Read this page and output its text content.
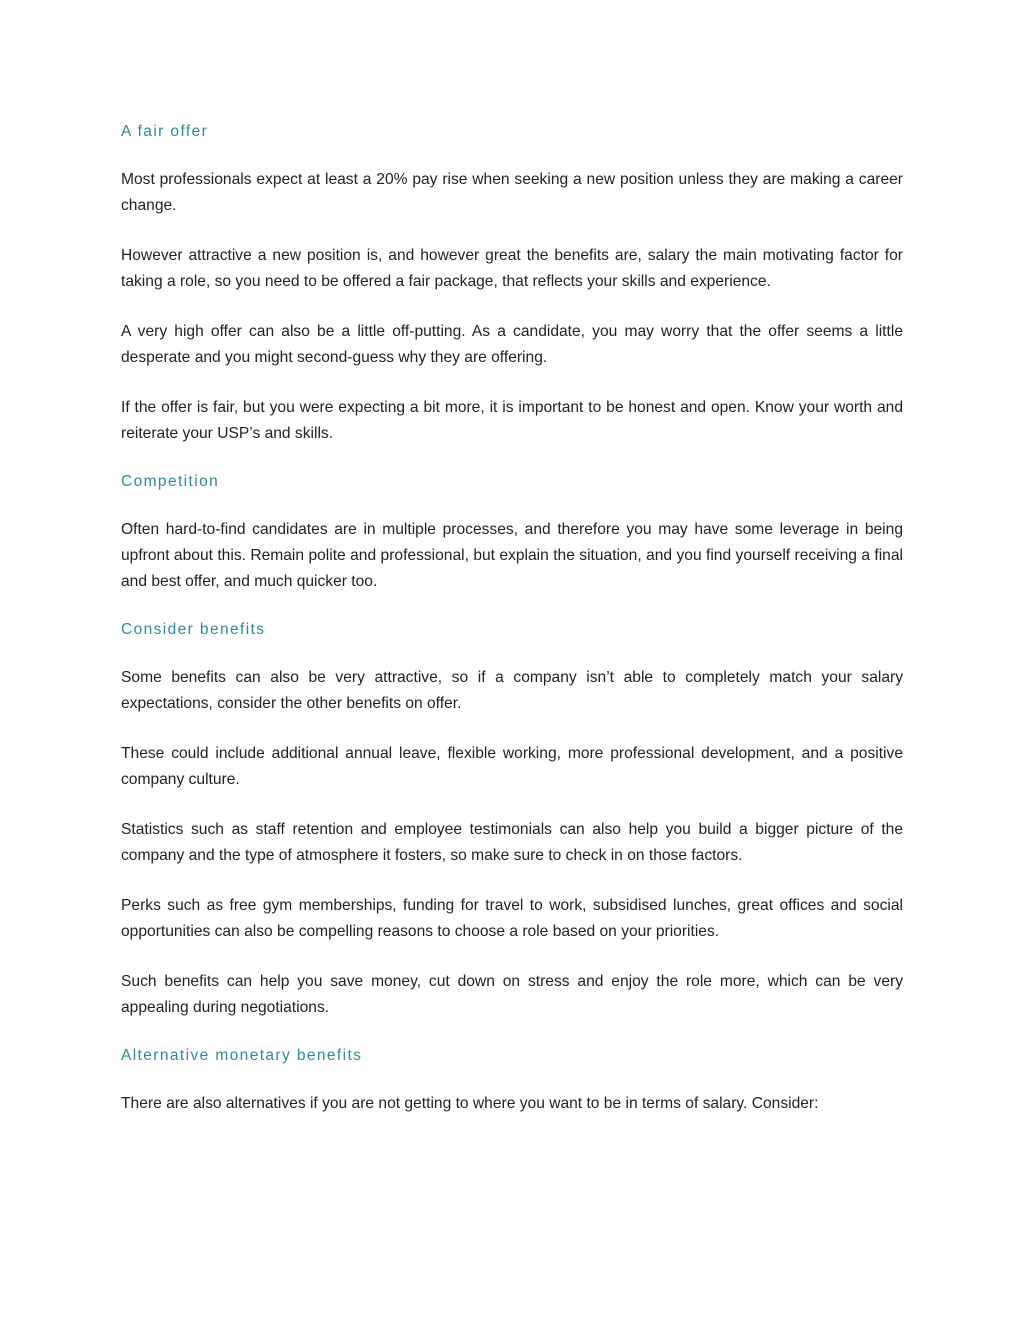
A fair offer

Most professionals expect at least a 20% pay rise when seeking a new position unless they are making a career change.

However attractive a new position is, and however great the benefits are, salary the main motivating factor for taking a role, so you need to be offered a fair package, that reflects your skills and experience.

A very high offer can also be a little off-putting. As a candidate, you may worry that the offer seems a little desperate and you might second-guess why they are offering.

If the offer is fair, but you were expecting a bit more, it is important to be honest and open. Know your worth and reiterate your USP’s and skills.

Competition

Often hard-to-find candidates are in multiple processes, and therefore you may have some leverage in being upfront about this. Remain polite and professional, but explain the situation, and you find yourself receiving a final and best offer, and much quicker too.

Consider benefits

Some benefits can also be very attractive, so if a company isn’t able to completely match your salary expectations, consider the other benefits on offer.

These could include additional annual leave, flexible working, more professional development, and a positive company culture.

Statistics such as staff retention and employee testimonials can also help you build a bigger picture of the company and the type of atmosphere it fosters, so make sure to check in on those factors.

Perks such as free gym memberships, funding for travel to work, subsidised lunches, great offices and social opportunities can also be compelling reasons to choose a role based on your priorities.

Such benefits can help you save money, cut down on stress and enjoy the role more, which can be very appealing during negotiations.

Alternative monetary benefits

There are also alternatives if you are not getting to where you want to be in terms of salary. Consider:
